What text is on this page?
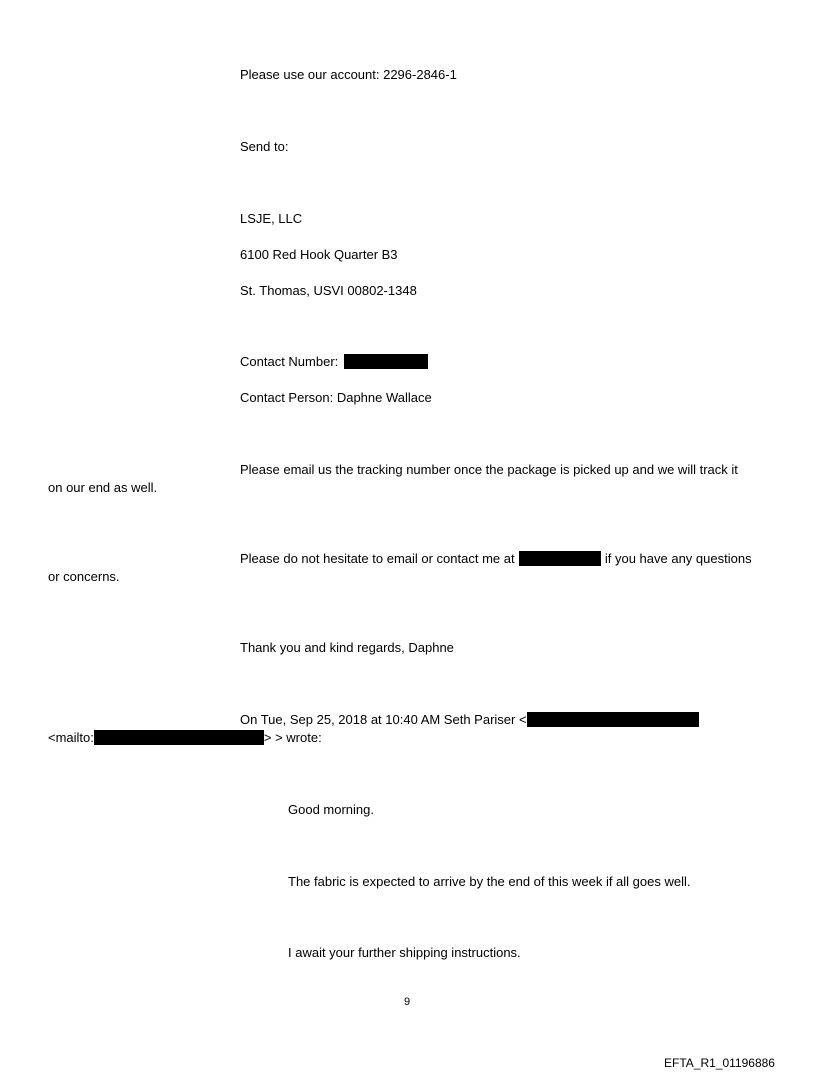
Please use our account: 2296-2846-1
Send to:
LSJE, LLC
6100 Red Hook Quarter B3
St. Thomas, USVI 00802-1348
Contact Number:
Contact Person: Daphne Wallace
Please email us the tracking number once the package is picked up and we will track it
on our end as well.
Please do not hesitate to email or contact me at	if you have any questions
or concerns.
Thank you and kind regards, Daphne
On Tue, Sep 25, 2018 at 10:40 AM Seth Pariser <
<mailto:	> > wrote:
Good morning.
The fabric is expected to arrive by the end of this week if all goes well.
I await your further shipping instructions.
9
EFTA_R1_01196886
